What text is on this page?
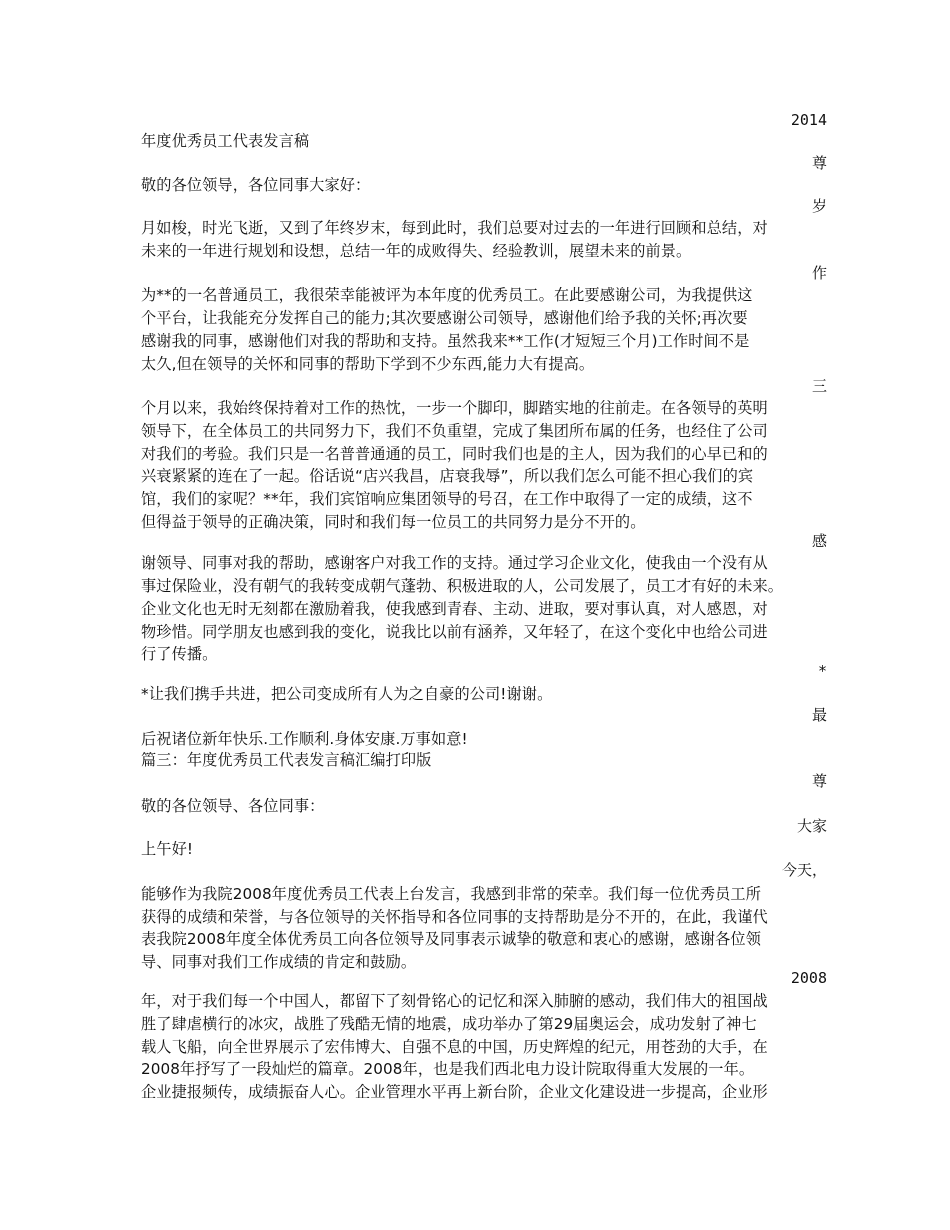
2014
尊
岁
作
三
感
*
最
尊
大家
今天，
2008
年度优秀员工代表发言稿
敬的各位领导，各位同事大家好：
月如梭，时光飞逝，又到了年终岁末，每到此时，我们总要对过去的一年进行回顾和总结，对
未来的一年进行规划和设想，总结一年的成败得失、经验教训，展望未来的前景。
为**的一名普通员工，我很荣幸能被评为本年度的优秀员工。在此要感谢公司，为我提供这
个平台，让我能充分发挥自己的能力;其次要感谢公司领导，感谢他们给予我的关怀;再次要
感谢我的同事，感谢他们对我的帮助和支持。虽然我来**工作(才短短三个月)工作时间不是
太久,但在领导的关怀和同事的帮助下学到不少东西,能力大有提高。
个月以来，我始终保持着对工作的热忱，一步一个脚印，脚踏实地的往前走。在各领导的英明
领导下，在全体员工的共同努力下，我们不负重望，完成了集团所布属的任务，也经住了公司
对我们的考验。我们只是一名普普通通的员工，同时我们也是的主人，因为我们的心早已和的
兴衰紧紧的连在了一起。俗话说“店兴我昌，店衰我辱”，所以我们怎么可能不担心我们的宾
馆，我们的家呢？**年，我们宾馆响应集团领导的号召，在工作中取得了一定的成绩，这不
但得益于领导的正确决策，同时和我们每一位员工的共同努力是分不开的。
谢领导、同事对我的帮助，感谢客户对我工作的支持。通过学习企业文化，使我由一个没有从
事过保险业，没有朝气的我转变成朝气蓬勃、积极进取的人，公司发展了，员工才有好的未来。
企业文化也无时无刻都在激励着我，使我感到青春、主动、进取，要对事认真，对人感恩，对
物珍惜。同学朋友也感到我的变化，说我比以前有涵养，又年轻了，在这个变化中也给公司进
行了传播。
*让我们携手共进，把公司变成所有人为之自豪的公司!谢谢。
后祝诸位新年快乐.工作顺利.身体安康.万事如意!
篇三：年度优秀员工代表发言稿汇编打印版
敬的各位领导、各位同事：
上午好!
能够作为我院2008年度优秀员工代表上台发言，我感到非常的荣幸。我们每一位优秀员工所
获得的成绩和荣誉，与各位领导的关怀指导和各位同事的支持帮助是分不开的，在此，我谨代
表我院2008年度全体优秀员工向各位领导及同事表示诚挚的敬意和衷心的感谢，感谢各位领
导、同事对我们工作成绩的肯定和鼓励。
年，对于我们每一个中国人，都留下了刻骨铭心的记忆和深入肺腑的感动，我们伟大的祖国战
胜了肆虐横行的冰灾，战胜了残酷无情的地震，成功举办了第29届奥运会，成功发射了神七
载人飞船，向全世界展示了宏伟博大、自强不息的中国，历史辉煌的纪元，用苍劲的大手，在
2008年抒写了一段灿烂的篇章。2008年，也是我们西北电力设计院取得重大发展的一年。
企业捷报频传，成绩振奋人心。企业管理水平再上新台阶，企业文化建设进一步提高，企业形
